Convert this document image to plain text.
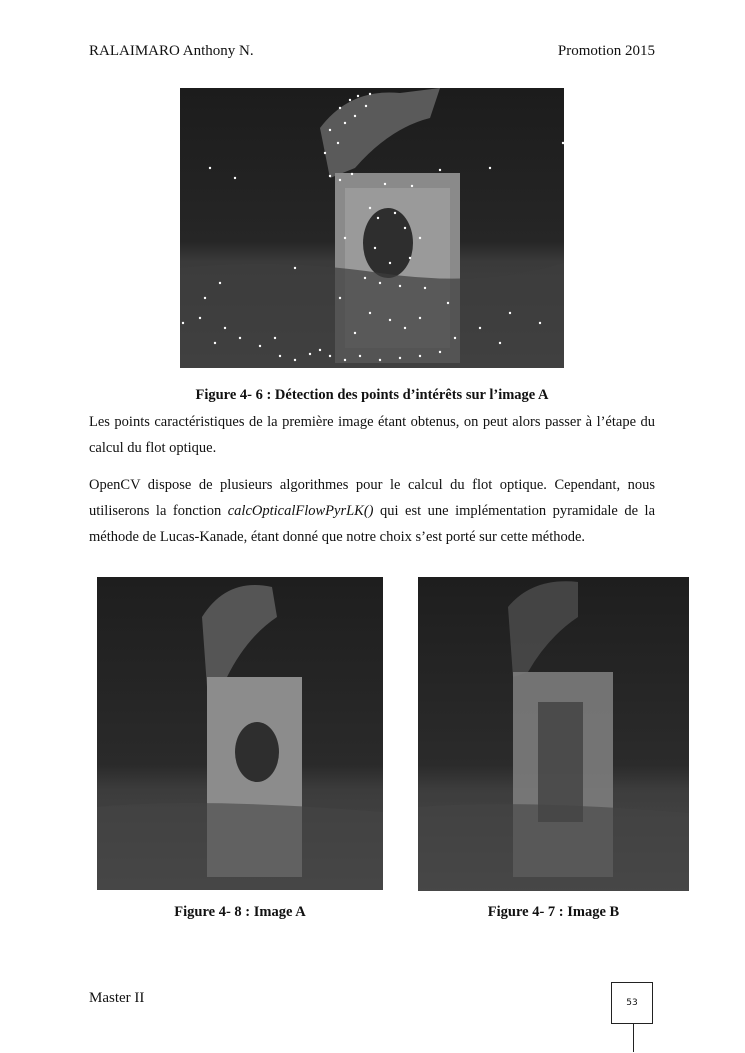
RALAIMARO Anthony N.	Promotion 2015
Figure 4- 6 : Détection des points d’intérêts sur l’image A
Les points caractéristiques de la première image étant obtenus, on peut alors passer à l’étape du calcul du flot optique.
OpenCV dispose de plusieurs algorithmes pour le calcul du flot optique. Cependant, nous utiliserons la fonction calcOpticalFlowPyrLK() qui est une implémentation pyramidale de la méthode de Lucas-Kanade, étant donné que notre choix s’est porté sur cette méthode.
Figure 4- 8 : Image A	Figure 4- 7 : Image B
Master II	53
